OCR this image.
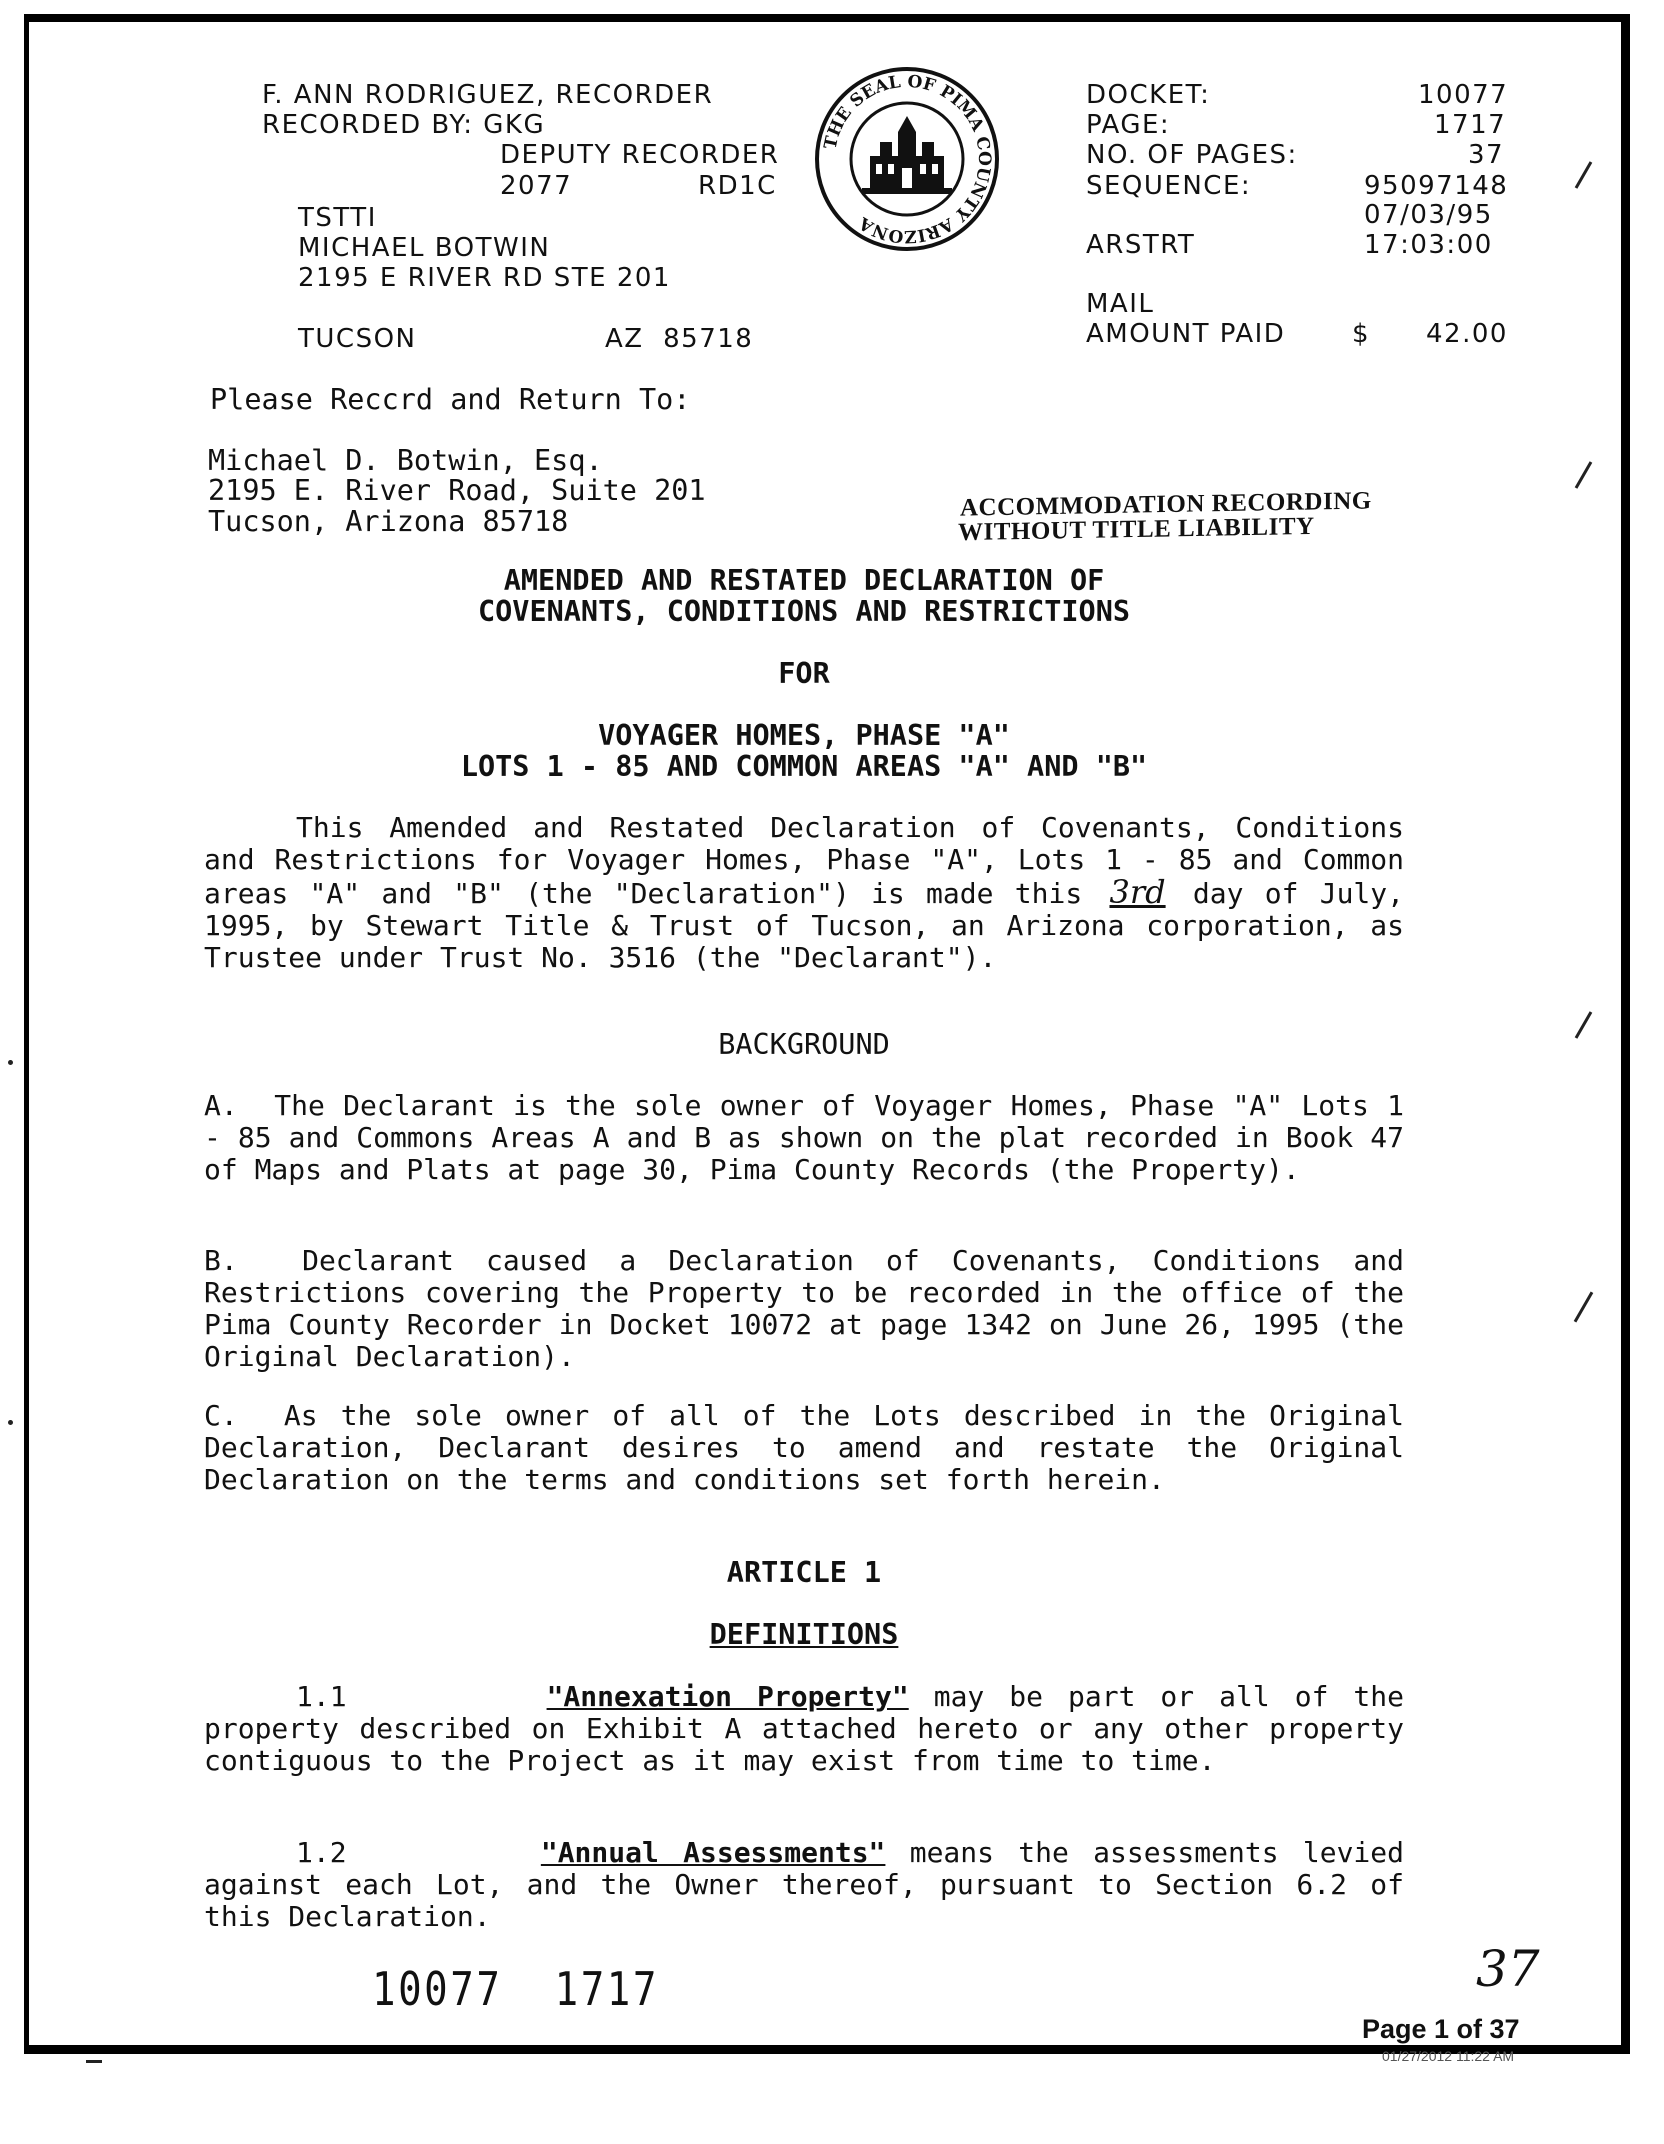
F. ANN RODRIGUEZ, RECORDER
RECORDED BY: GKG
DEPUTY RECORDER
2077	RD1C
TSTTI
MICHAEL BOTWIN
2195 E RIVER RD STE 201
TUCSON	AZ  85718
THE SEAL OF PIMA COUNTY ARIZONA
DOCKET:	10077
PAGE:	1717
NO. OF PAGES:	37
SEQUENCE:	95097148
07/03/95
ARSTRT	17:03:00
MAIL
AMOUNT PAID	$ 42.00
Please Reccrd and Return To:
Michael D. Botwin, Esq.
2195 E. River Road, Suite 201
Tucson, Arizona 85718	ACCOMMODATION RECORDING
WITHOUT TITLE LIABILITY
AMENDED AND RESTATED DECLARATION OF
COVENANTS, CONDITIONS AND RESTRICTIONS
FOR
VOYAGER HOMES, PHASE "A"
LOTS 1 - 85 AND COMMON AREAS "A" AND "B"
This Amended and Restated Declaration of Covenants, Conditions and Restrictions for Voyager Homes, Phase "A", Lots 1 - 85 and Common areas "A" and "B" (the "Declaration") is made this 3rd day of July, 1995, by Stewart Title & Trust of Tucson, an Arizona corporation, as Trustee under Trust No. 3516 (the "Declarant").
BACKGROUND
A. The Declarant is the sole owner of Voyager Homes, Phase "A" Lots 1 - 85 and Commons Areas A and B as shown on the plat recorded in Book 47 of Maps and Plats at page 30, Pima County Records (the Property).
B. Declarant caused a Declaration of Covenants, Conditions and Restrictions covering the Property to be recorded in the office of the Pima County Recorder in Docket 10072 at page 1342 on June 26, 1995 (the Original Declaration).
C. As the sole owner of all of the Lots described in the Original Declaration, Declarant desires to amend and restate the Original Declaration on the terms and conditions set forth herein.
ARTICLE 1
DEFINITIONS
1.1	"Annexation Property" may be part or all of the property described on Exhibit A attached hereto or any other property contiguous to the Project as it may exist from time to time.
1.2	"Annual Assessments" means the assessments levied against each Lot, and the Owner thereof, pursuant to Section 6.2 of this Declaration.
10077  1717	37
Page 1 of 37
01/27/2012 11:22 AM
